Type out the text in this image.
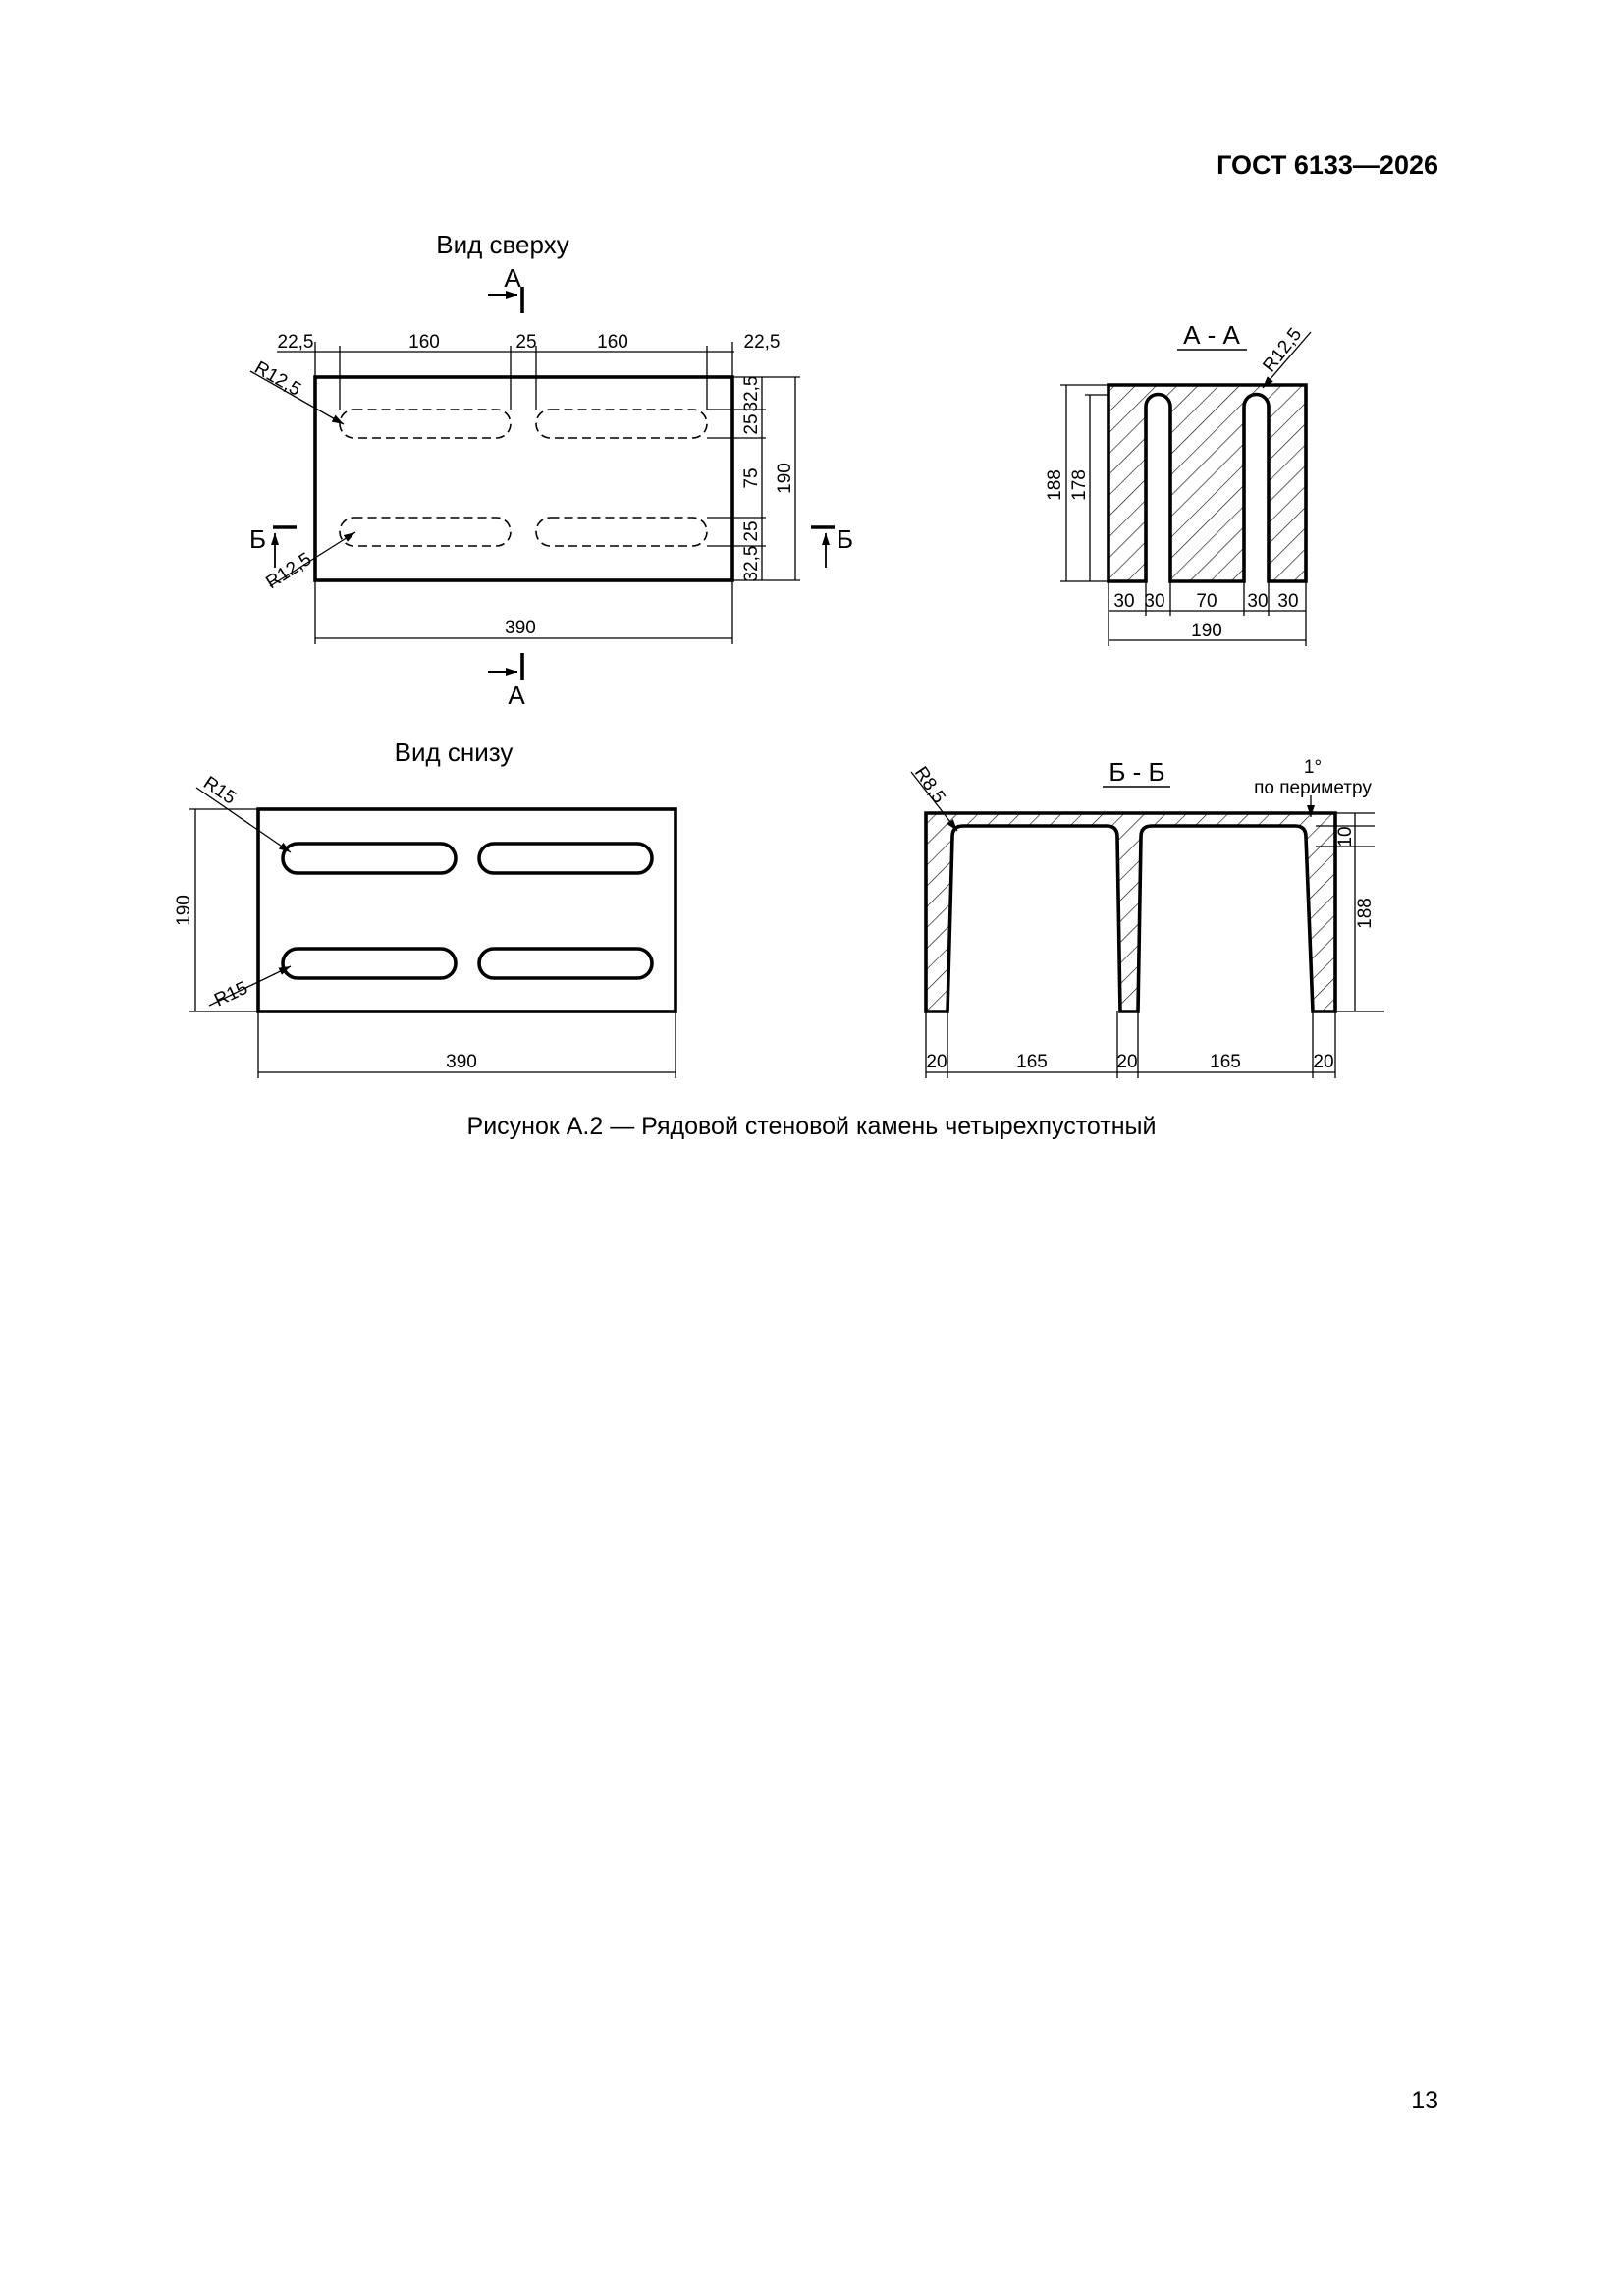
ГОСТ 6133—2026

Вид сверху
А
А
22,5	160	25	160	22,5
32,5
25
75
25
32,5
190
390
R12,5
R12,5
Б	Б
А - А
188 178
30 30 70 30 30
190
R12,5
Вид снизу
R15
R15
190
390
Б - Б	1°
по периметру
10
188
20	165	20	165	20
R8,5

Рисунок А.2 — Рядовой стеновой камень четырехпустотный

13
